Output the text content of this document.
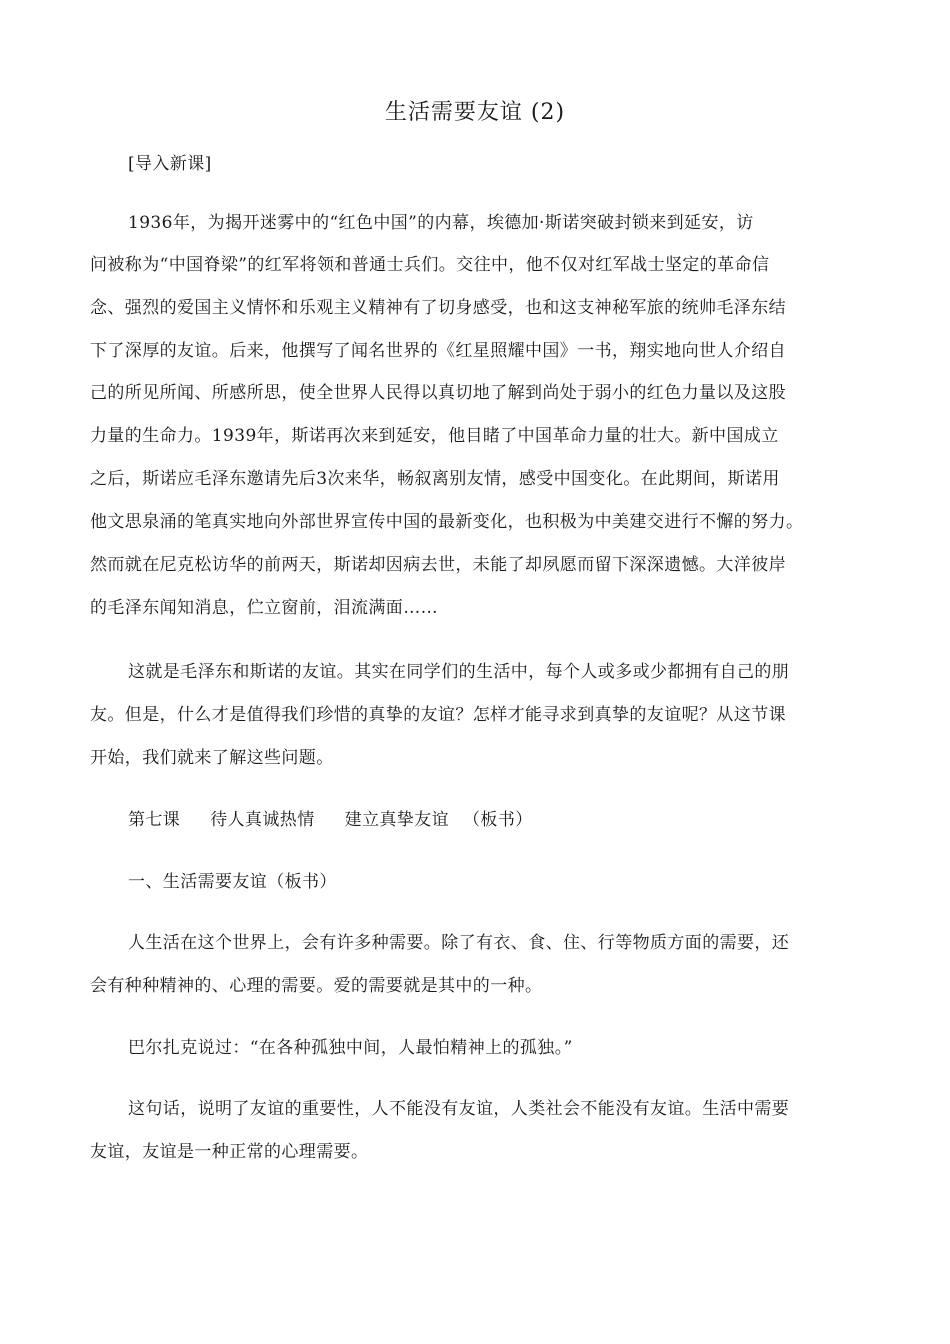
生活需要友谊 (2)
[导入新课]
1936年，为揭开迷雾中的“红色中国”的内幕，埃德加·斯诺突破封锁来到延安，访
问被称为“中国脊梁”的红军将领和普通士兵们。交往中，他不仅对红军战士坚定的革命信
念、强烈的爱国主义情怀和乐观主义精神有了切身感受，也和这支神秘军旅的统帅毛泽东结
下了深厚的友谊。后来，他撰写了闻名世界的《红星照耀中国》一书，翔实地向世人介绍自
己的所见所闻、所感所思，使全世界人民得以真切地了解到尚处于弱小的红色力量以及这股
力量的生命力。1939年，斯诺再次来到延安，他目睹了中国革命力量的壮大。新中国成立
之后，斯诺应毛泽东邀请先后3次来华，畅叙离别友情，感受中国变化。在此期间，斯诺用
他文思泉涌的笔真实地向外部世界宣传中国的最新变化，也积极为中美建交进行不懈的努力。
然而就在尼克松访华的前两天，斯诺却因病去世，未能了却夙愿而留下深深遗憾。大洋彼岸
的毛泽东闻知消息，伫立窗前，泪流满面……
这就是毛泽东和斯诺的友谊。其实在同学们的生活中，每个人或多或少都拥有自己的朋
友。但是，什么才是值得我们珍惜的真挚的友谊？怎样才能寻求到真挚的友谊呢？从这节课
开始，我们就来了解这些问题。
第七课 待人真诚热情 建立真挚友谊 （板书）
一、生活需要友谊（板书）
人生活在这个世界上，会有许多种需要。除了有衣、食、住、行等物质方面的需要，还
会有种种精神的、心理的需要。爱的需要就是其中的一种。
巴尔扎克说过：“在各种孤独中间，人最怕精神上的孤独。”
这句话，说明了友谊的重要性，人不能没有友谊，人类社会不能没有友谊。生活中需要
友谊，友谊是一种正常的心理需要。
